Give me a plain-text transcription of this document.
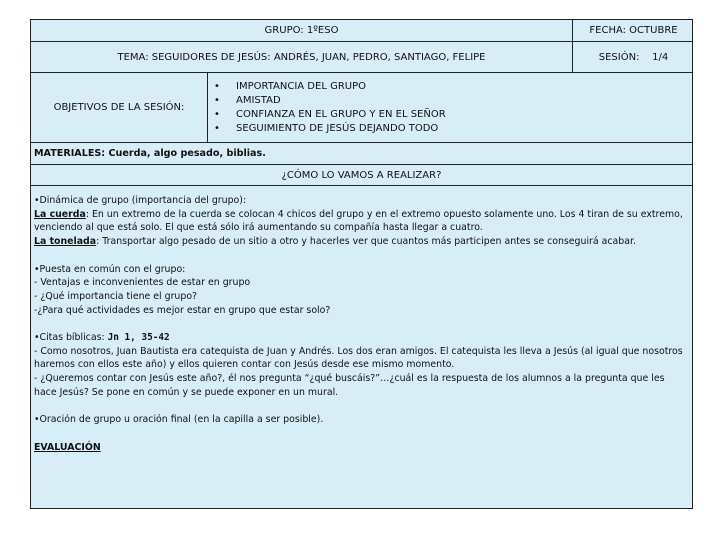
GRUPO: 1ºESO	FECHA: OCTUBRE
TEMA: SEGUIDORES DE JESÚS: ANDRÉS, JUAN, PEDRO, SANTIAGO, FELIPE	SESIÓN:    1/4
OBJETIVOS DE LA SESIÓN:
•	IMPORTANCIA DEL GRUPO
•	AMISTAD
•	CONFIANZA EN EL GRUPO Y EN EL SEÑOR
•	SEGUIMIENTO DE JESÚS DEJANDO TODO
MATERIALES: Cuerda, algo pesado, biblias.
¿CÓMO LO VAMOS A REALIZAR?

•Dinámica de grupo (importancia del grupo):

La cuerda: En un extremo de la cuerda se colocan 4 chicos del grupo y en el extremo opuesto solamente uno. Los 4 tiran de su extremo, venciendo al que está solo. El que está sólo irá aumentando su compañía hasta llegar a cuatro.

La tonelada: Transportar algo pesado de un sitio a otro y hacerles ver que cuantos más participen antes se conseguirá acabar.

•Puesta en común con el grupo:

- Ventajas e inconvenientes de estar en grupo

- ¿Qué importancia tiene el grupo?

-¿Para qué actividades es mejor estar en grupo que estar solo?

•Citas bíblicas: Jn 1, 35-42

- Como nosotros, Juan Bautista era catequista de Juan y Andrés. Los dos eran amigos. El catequista les lleva a Jesús (al igual que nosotros haremos con ellos este año) y ellos quieren contar con Jesús desde ese mismo momento.

- ¿Queremos contar con Jesús este año?, él nos pregunta “¿qué buscáis?”…¿cuál es la respuesta de los alumnos a la pregunta que les hace Jesús? Se pone en común y se puede exponer en un mural.

•Oración de grupo u oración final (en la capilla a ser posible).

EVALUACIÓN
